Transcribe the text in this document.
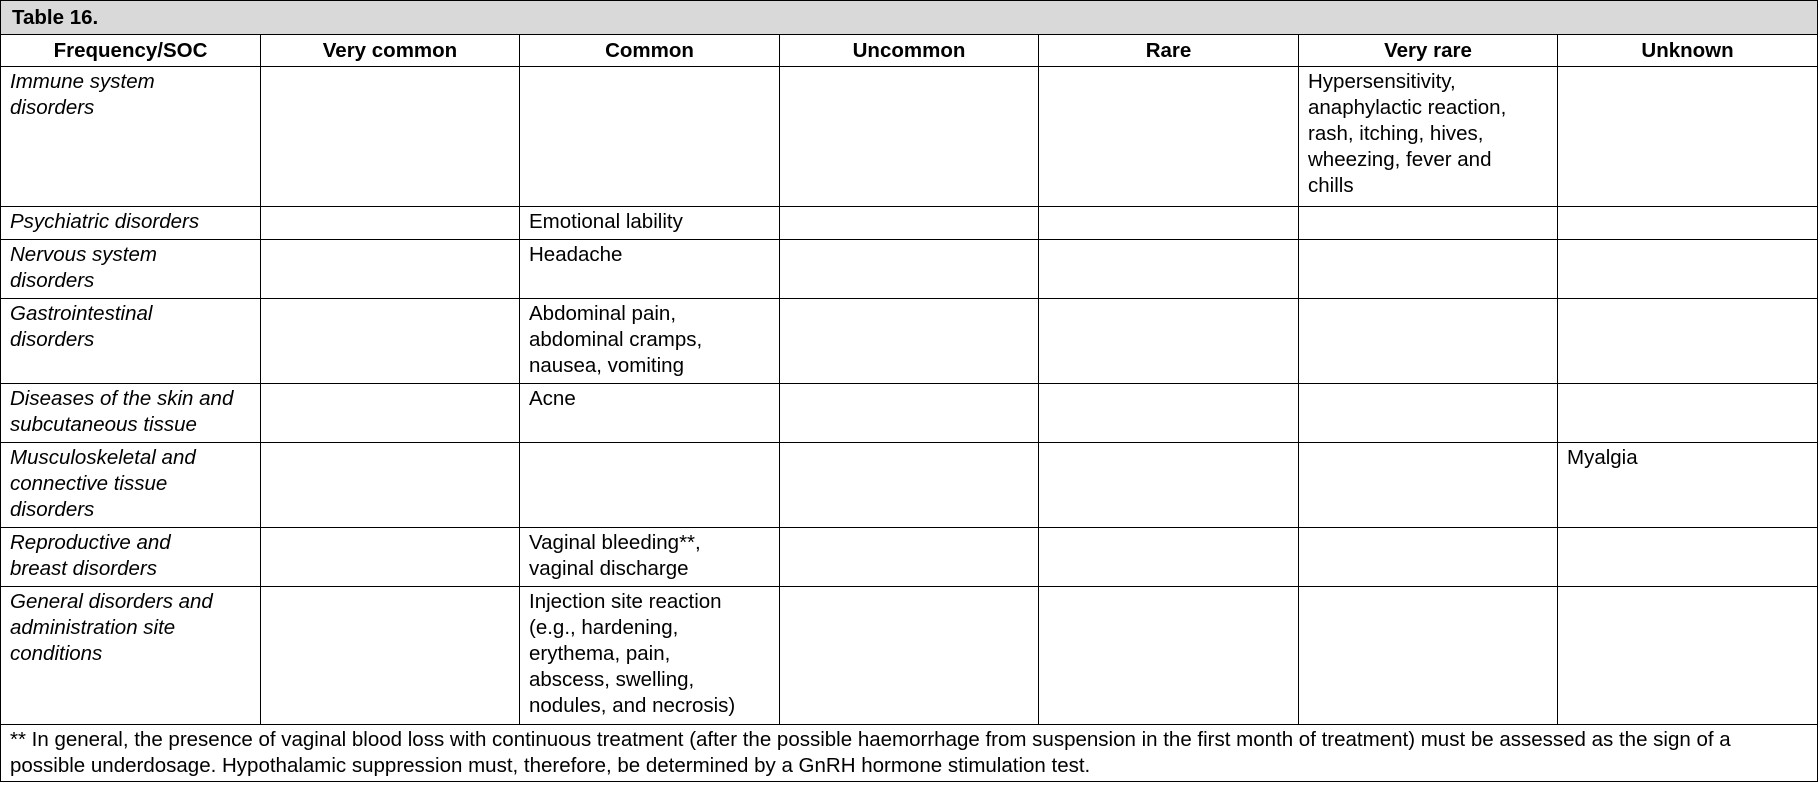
Table 16.						
Frequency/SOC	Very common	Common	Uncommon	Rare	Very rare	Unknown
Immune system
disorders					Hypersensitivity,
anaphylactic reaction,
rash, itching, hives,
wheezing, fever and
chills	
Psychiatric disorders		Emotional lability				
Nervous system
disorders		Headache				
Gastrointestinal
disorders		Abdominal pain,
abdominal cramps,
nausea, vomiting				
Diseases of the skin and
subcutaneous tissue		Acne				
Musculoskeletal and
connective tissue
disorders						Myalgia
Reproductive and
breast disorders		Vaginal bleeding**,
vaginal discharge				
General disorders and
administration site
conditions		Injection site reaction
(e.g., hardening,
erythema, pain,
abscess, swelling,
nodules, and necrosis)				
** In general, the presence of vaginal blood loss with continuous treatment (after the possible haemorrhage from suspension in the first month of treatment) must be assessed as the sign of a possible underdosage. Hypothalamic suppression must, therefore, be determined by a GnRH hormone stimulation test.						
